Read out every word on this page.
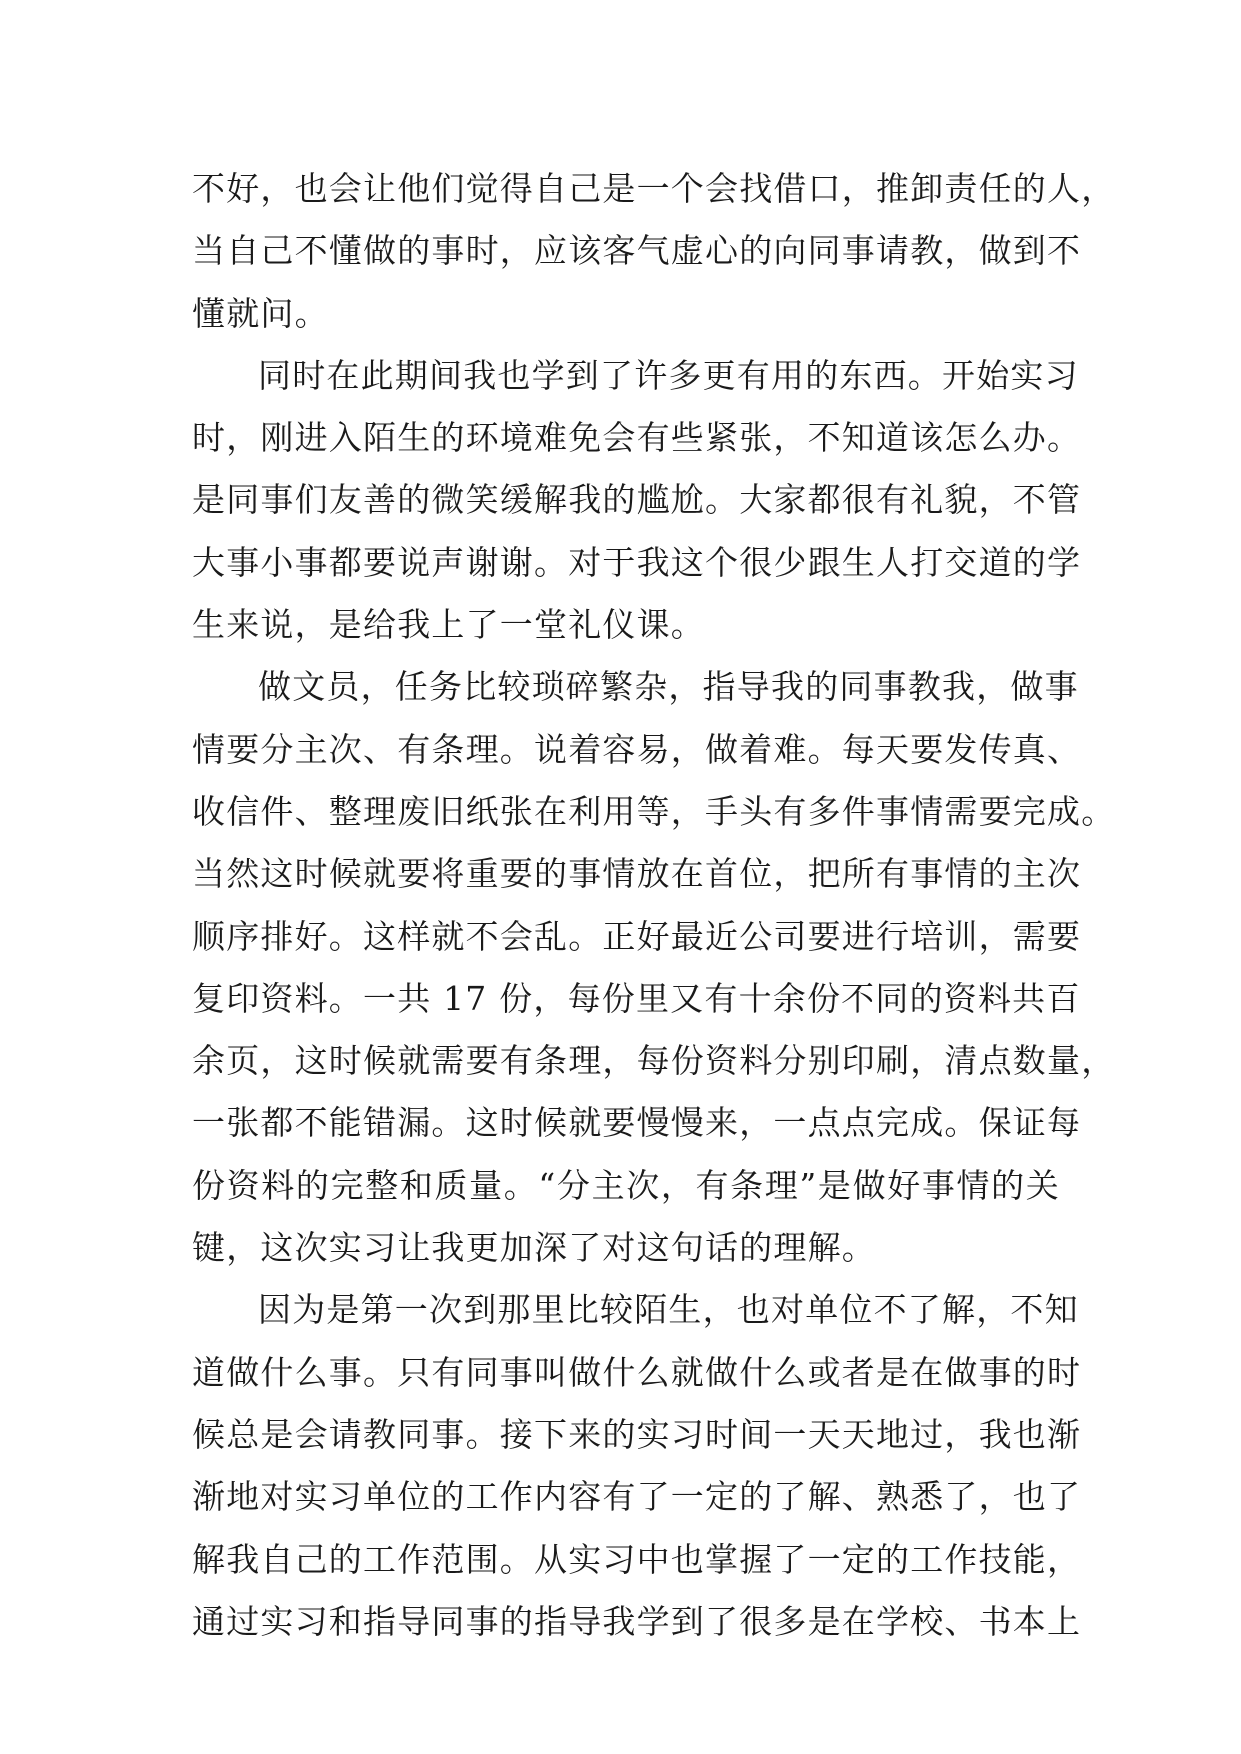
不好，也会让他们觉得自己是一个会找借口，推卸责任的人，
当自己不懂做的事时，应该客气虚心的向同事请教，做到不
懂就问。
同时在此期间我也学到了许多更有用的东西。开始实习
时，刚进入陌生的环境难免会有些紧张，不知道该怎么办。
是同事们友善的微笑缓解我的尴尬。大家都很有礼貌，不管
大事小事都要说声谢谢。对于我这个很少跟生人打交道的学
生来说，是给我上了一堂礼仪课。
做文员，任务比较琐碎繁杂，指导我的同事教我，做事
情要分主次、有条理。说着容易，做着难。每天要发传真、
收信件、整理废旧纸张在利用等，手头有多件事情需要完成。
当然这时候就要将重要的事情放在首位，把所有事情的主次
顺序排好。这样就不会乱。正好最近公司要进行培训，需要
复印资料。一共 17 份，每份里又有十余份不同的资料共百
余页，这时候就需要有条理，每份资料分别印刷，清点数量，
一张都不能错漏。这时候就要慢慢来，一点点完成。保证每
份资料的完整和质量。“分主次，有条理”是做好事情的关
键，这次实习让我更加深了对这句话的理解。
因为是第一次到那里比较陌生，也对单位不了解，不知
道做什么事。只有同事叫做什么就做什么或者是在做事的时
候总是会请教同事。接下来的实习时间一天天地过，我也渐
渐地对实习单位的工作内容有了一定的了解、熟悉了，也了
解我自己的工作范围。从实习中也掌握了一定的工作技能，
通过实习和指导同事的指导我学到了很多是在学校、书本上
